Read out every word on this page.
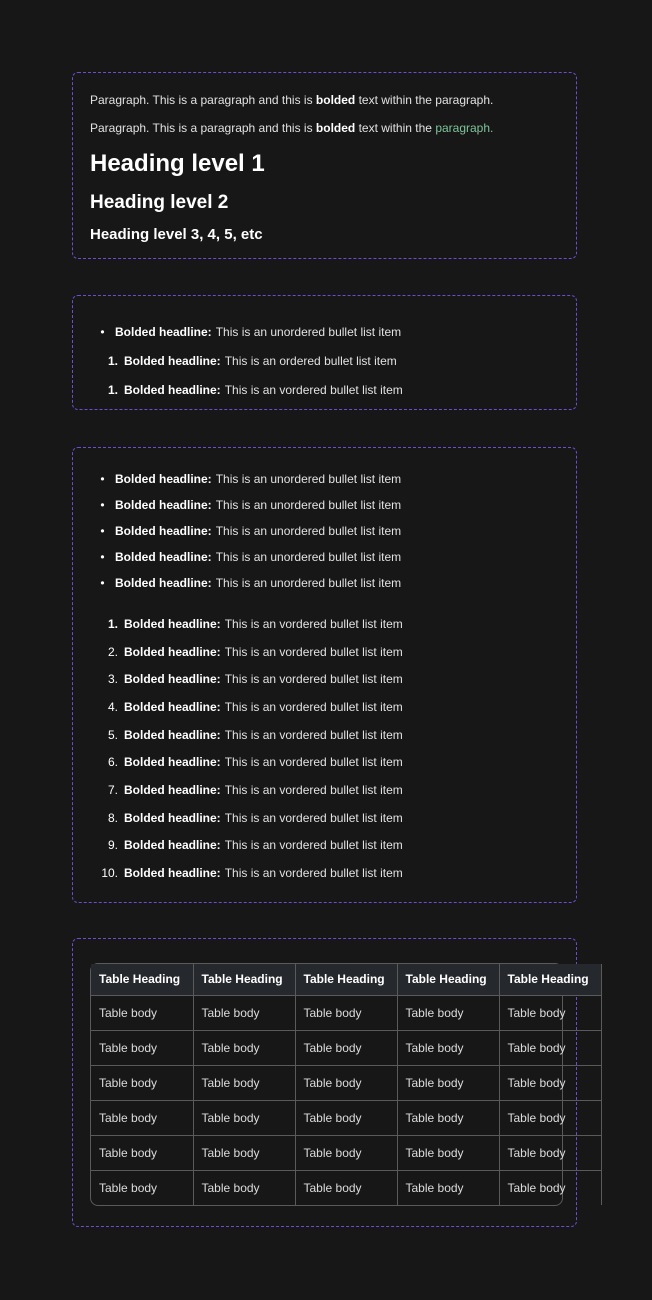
Paragraph. This is a paragraph and this is bolded text within the paragraph.

Paragraph. This is a paragraph and this is bolded text within the paragraph.

Heading level 1
Heading level 2
Heading level 3, 4, 5, etc
• Bolded headline: This is an unordered bullet list item
1. Bolded headline: This is an ordered bullet list item
1. Bolded headline: This is an vordered bullet list item
• Bolded headline: This is an unordered bullet list item
• Bolded headline: This is an unordered bullet list item
• Bolded headline: This is an unordered bullet list item
• Bolded headline: This is an unordered bullet list item
• Bolded headline: This is an unordered bullet list item
1. Bolded headline: This is an vordered bullet list item
2. Bolded headline: This is an vordered bullet list item
3. Bolded headline: This is an vordered bullet list item
4. Bolded headline: This is an vordered bullet list item
5. Bolded headline: This is an vordered bullet list item
6. Bolded headline: This is an vordered bullet list item
7. Bolded headline: This is an vordered bullet list item
8. Bolded headline: This is an vordered bullet list item
9. Bolded headline: This is an vordered bullet list item
10. Bolded headline: This is an vordered bullet list item
Table Heading	Table Heading	Table Heading	Table Heading	Table Heading
Table body	Table body	Table body	Table body	Table body
Table body	Table body	Table body	Table body	Table body
Table body	Table body	Table body	Table body	Table body
Table body	Table body	Table body	Table body	Table body
Table body	Table body	Table body	Table body	Table body
Table body	Table body	Table body	Table body	Table body
